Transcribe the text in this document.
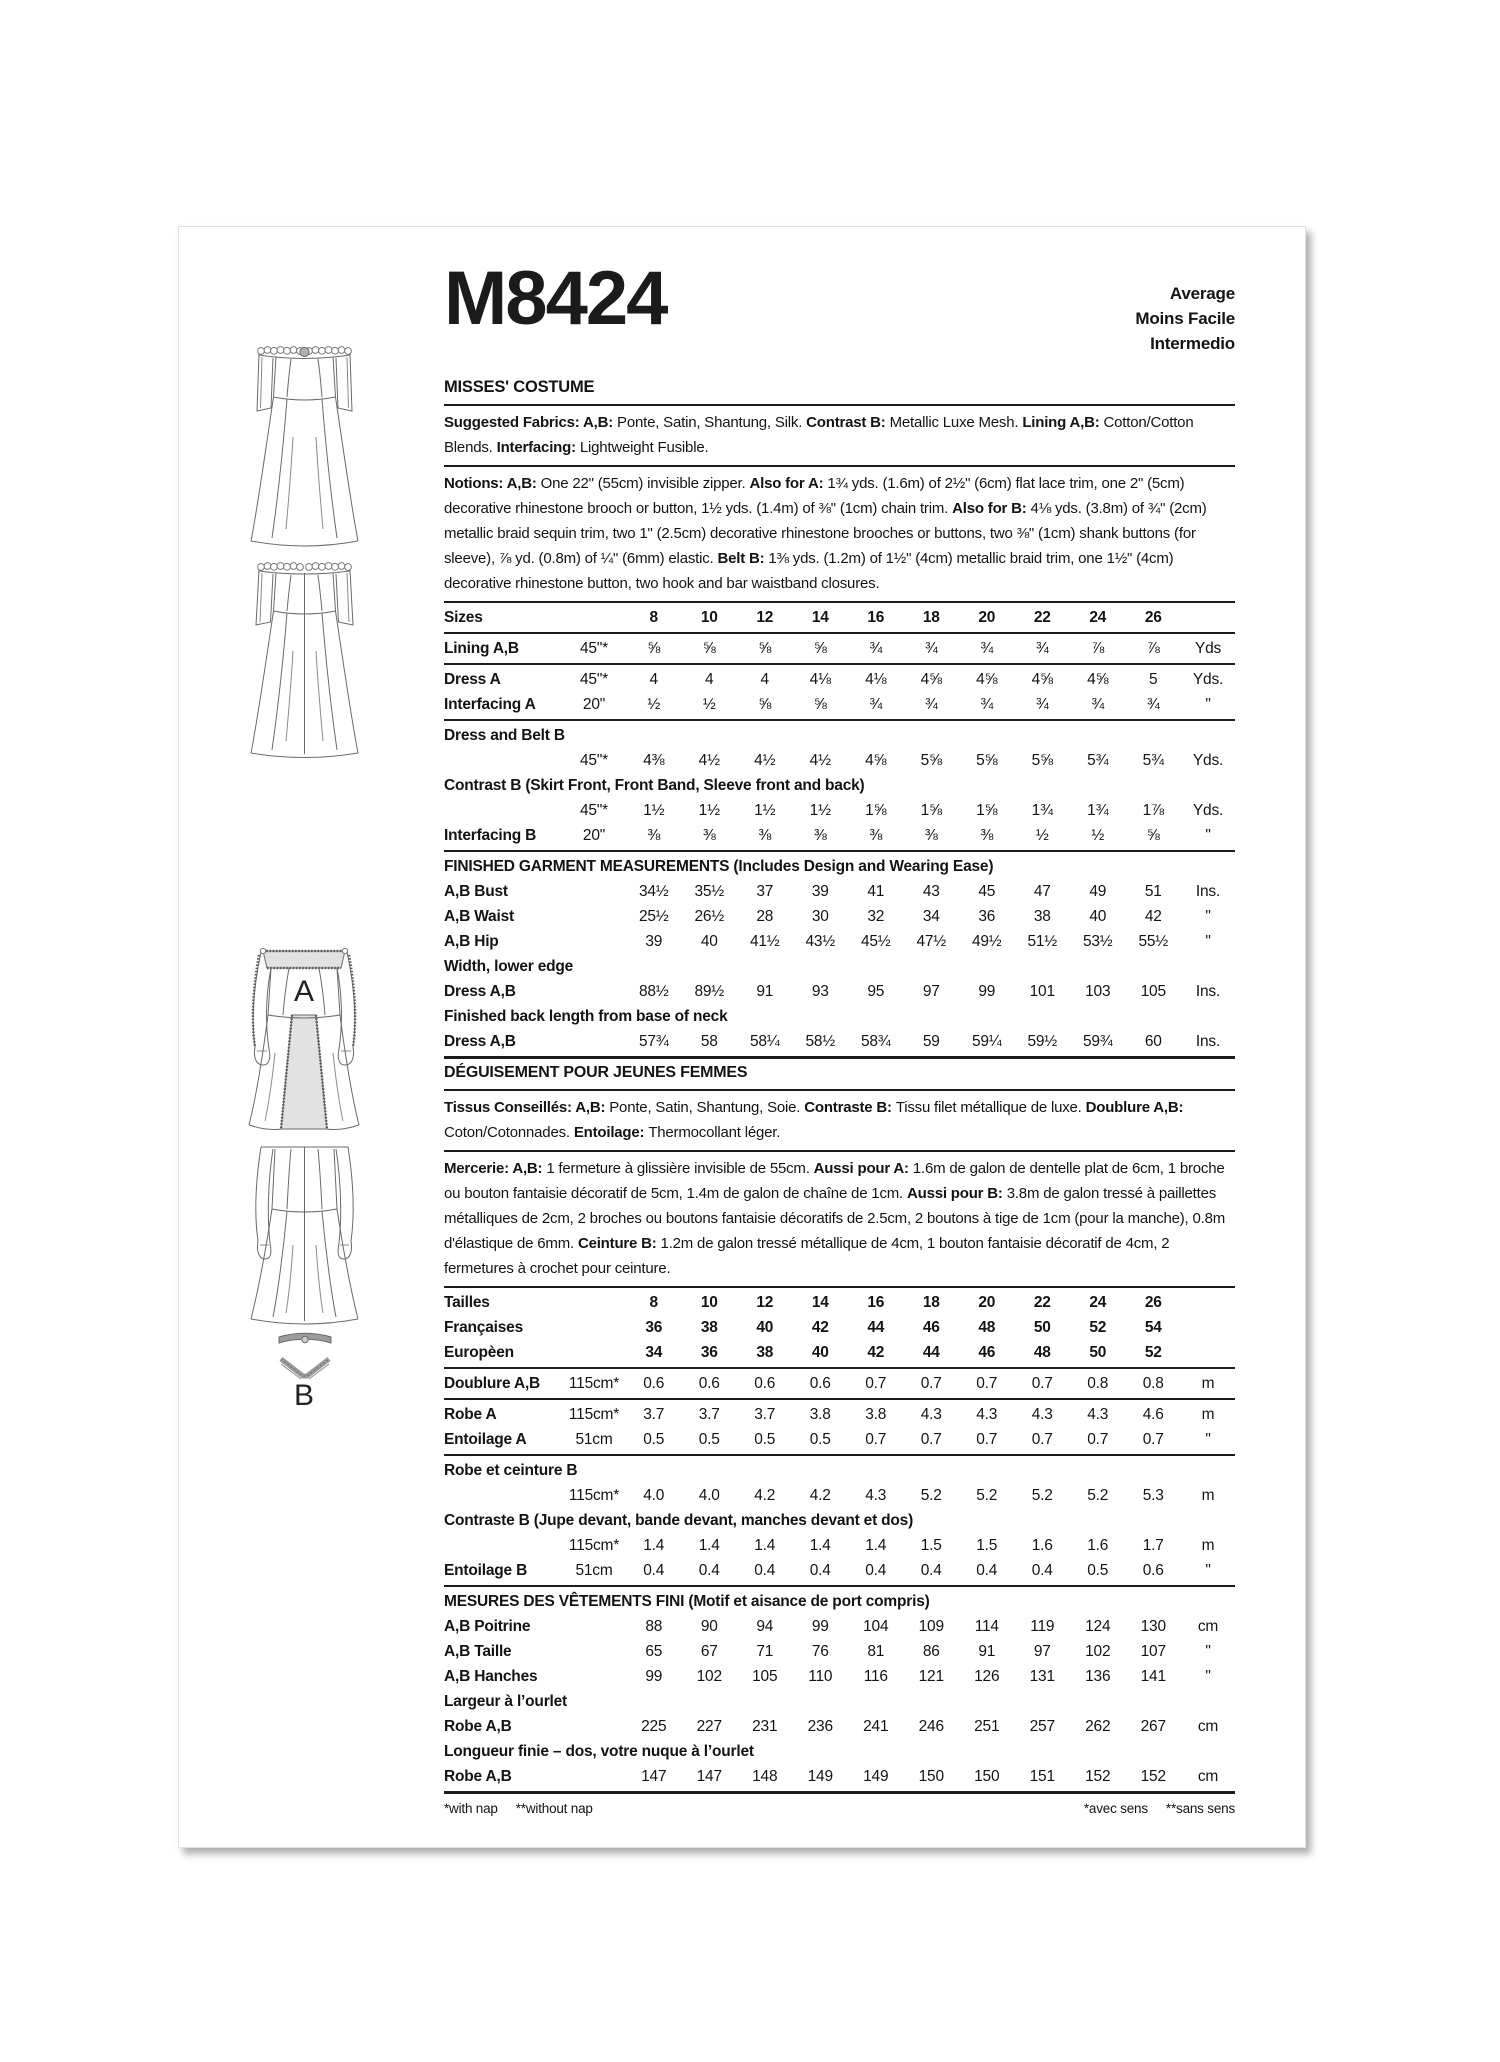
A
B
M8424	Average
Moins Facile
Intermedio
MISSES' COSTUME

Suggested Fabrics: A,B: Ponte, Satin, Shantung, Silk. Contrast B: Metallic Luxe Mesh. Lining A,B: Cotton/Cotton Blends. Interfacing: Lightweight Fusible.

Notions: A,B: One 22" (55cm) invisible zipper. Also for A: 1¾ yds. (1.6m) of 2½" (6cm) flat lace trim, one 2" (5cm) decorative rhinestone brooch or button, 1½ yds. (1.4m) of ⅜" (1cm) chain trim. Also for B: 4⅛ yds. (3.8m) of ¾" (2cm) metallic braid sequin trim, two 1" (2.5cm) decorative rhinestone brooches or buttons, two ⅜" (1cm) shank buttons (for sleeve), ⅞ yd. (0.8m) of ¼" (6mm) elastic. Belt B: 1⅜ yds. (1.2m) of 1½" (4cm) metallic braid trim, one 1½" (4cm) decorative rhinestone button, two hook and bar waistband closures.

Sizes	8	10	12	14	16	18	20	22	24	26
Lining A,B	45"*	⅝	⅝	⅝	⅝	¾	¾	¾	¾	⅞	⅞	Yds
Dress A	45"*	4	4	4	4⅛	4⅛	4⅝	4⅝	4⅝	4⅝	5	Yds.
Interfacing A	20"	½	½	⅝	⅝	¾	¾	¾	¾	¾	¾	"
Dress and Belt B
45"*	4⅜	4½	4½	4½	4⅝	5⅝	5⅝	5⅝	5¾	5¾	Yds.
Contrast B (Skirt Front, Front Band, Sleeve front and back)
45"*	1½	1½	1½	1½	1⅝	1⅝	1⅝	1¾	1¾	1⅞	Yds.
Interfacing B	20"	⅜	⅜	⅜	⅜	⅜	⅜	⅜	½	½	⅝	"
FINISHED GARMENT MEASUREMENTS (Includes Design and Wearing Ease)
A,B Bust	34½	35½	37	39	41	43	45	47	49	51	Ins.
A,B Waist	25½	26½	28	30	32	34	36	38	40	42	"
A,B Hip	39	40	41½	43½	45½	47½	49½	51½	53½	55½	"
Width, lower edge
Dress A,B	88½	89½	91	93	95	97	99	101	103	105	Ins.
Finished back length from base of neck
Dress A,B	57¾	58	58¼	58½	58¾	59	59¼	59½	59¾	60	Ins.
DÉGUISEMENT POUR JEUNES FEMMES

Tissus Conseillés: A,B: Ponte, Satin, Shantung, Soie. Contraste B: Tissu filet métallique de luxe. Doublure A,B: Coton/Cotonnades. Entoilage: Thermocollant léger.

Mercerie: A,B: 1 fermeture à glissière invisible de 55cm. Aussi pour A: 1.6m de galon de dentelle plat de 6cm, 1 broche ou bouton fantaisie décoratif de 5cm, 1.4m de galon de chaîne de 1cm. Aussi pour B: 3.8m de galon tressé à paillettes métalliques de 2cm, 2 broches ou boutons fantaisie décoratifs de 2.5cm, 2 boutons à tige de 1cm (pour la manche), 0.8m d'élastique de 6mm. Ceinture B: 1.2m de galon tressé métallique de 4cm, 1 bouton fantaisie décoratif de 4cm, 2 fermetures à crochet pour ceinture.

Tailles	8	10	12	14	16	18	20	22	24	26
Françaises	36	38	40	42	44	46	48	50	52	54
Europèen	34	36	38	40	42	44	46	48	50	52
Doublure A,B	115cm*	0.6	0.6	0.6	0.6	0.7	0.7	0.7	0.7	0.8	0.8	m
Robe A	115cm*	3.7	3.7	3.7	3.8	3.8	4.3	4.3	4.3	4.3	4.6	m
Entoilage A	51cm	0.5	0.5	0.5	0.5	0.7	0.7	0.7	0.7	0.7	0.7	"
Robe et ceinture B
115cm*	4.0	4.0	4.2	4.2	4.3	5.2	5.2	5.2	5.2	5.3	m
Contraste B (Jupe devant, bande devant, manches devant et dos)
115cm*	1.4	1.4	1.4	1.4	1.4	1.5	1.5	1.6	1.6	1.7	m
Entoilage B	51cm	0.4	0.4	0.4	0.4	0.4	0.4	0.4	0.4	0.5	0.6	"
MESURES DES VÊTEMENTS FINI (Motif et aisance de port compris)
A,B Poitrine	88	90	94	99	104	109	114	119	124	130	cm
A,B Taille	65	67	71	76	81	86	91	97	102	107	"
A,B Hanches	99	102	105	110	116	121	126	131	136	141	"
Largeur à l’ourlet
Robe A,B	225	227	231	236	241	246	251	257	262	267	cm
Longueur finie – dos, votre nuque à l’ourlet
Robe A,B	147	147	148	149	149	150	150	151	152	152	cm
*with nap **without nap	*avec sens **sans sens
